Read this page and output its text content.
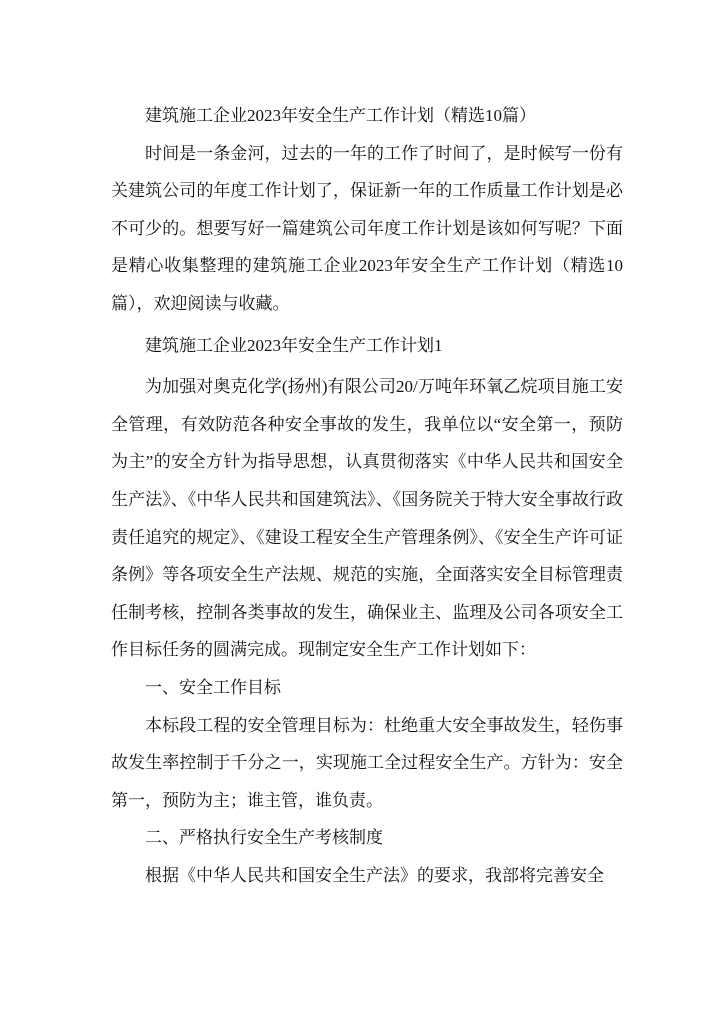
建筑施工企业2023年安全生产工作计划（精选10篇）

时间是一条金河，过去的一年的工作了时间了，是时候写一份有关建筑公司的年度工作计划了，保证新一年的工作质量工作计划是必不可少的。想要写好一篇建筑公司年度工作计划是该如何写呢？下面是精心收集整理的建筑施工企业2023年安全生产工作计划（精选10篇），欢迎阅读与收藏。

建筑施工企业2023年安全生产工作计划1

为加强对奥克化学(扬州)有限公司20/万吨年环氧乙烷项目施工安全管理，有效防范各种安全事故的发生，我单位以“安全第一，预防为主”的安全方针为指导思想，认真贯彻落实《中华人民共和国安全生产法》、《中华人民共和国建筑法》、《国务院关于特大安全事故行政责任追究的规定》、《建设工程安全生产管理条例》、《安全生产许可证条例》等各项安全生产法规、规范的实施，全面落实安全目标管理责任制考核，控制各类事故的发生，确保业主、监理及公司各项安全工作目标任务的圆满完成。现制定安全生产工作计划如下：

一、安全工作目标

本标段工程的安全管理目标为：杜绝重大安全事故发生，轻伤事故发生率控制于千分之一，实现施工全过程安全生产。方针为：安全第一，预防为主；谁主管，谁负责。

二、严格执行安全生产考核制度

根据《中华人民共和国安全生产法》的要求，我部将完善安全
